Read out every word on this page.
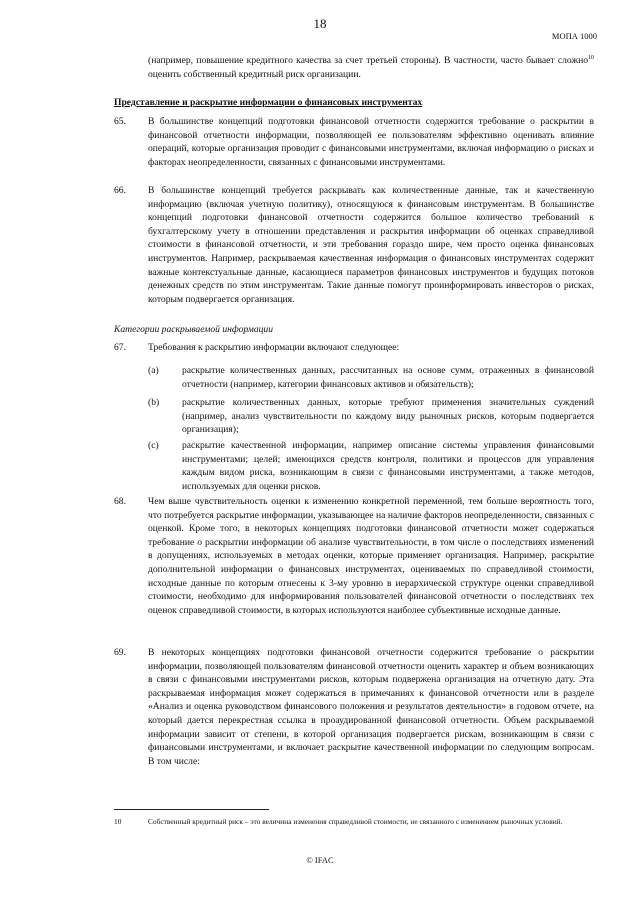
18
МОПА 1000
(например, повышение кредитного качества за счет третьей стороны). В частности, часто бывает сложно$^{10}$ оценить собственный кредитный риск организации.
Представление и раскрытие информации о финансовых инструментах
65.	В большинстве концепций подготовки финансовой отчетности содержится требование о раскрытии в финансовой отчетности информации, позволяющей ее пользователям эффективно оценивать влияние операций, которые организация проводит с финансовыми инструментами, включая информацию о рисках и факторах неопределенности, связанных с финансовыми инструментами.
66.	В большинстве концепций требуется раскрывать как количественные данные, так и качественную информацию (включая учетную политику), относящуюся к финансовым инструментам. В большинстве концепций подготовки финансовой отчетности содержится большое количество требований к бухгалтерскому учету в отношении представления и раскрытия информации об оценках справедливой стоимости в финансовой отчетности, и эти требования гораздо шире, чем просто оценка финансовых инструментов. Например, раскрываемая качественная информация о финансовых инструментах содержит важные контекстуальные данные, касающиеся параметров финансовых инструментов и будущих потоков денежных средств по этим инструментам. Такие данные помогут проинформировать инвесторов о рисках, которым подвергается организация.
Категории раскрываемой информации
67.	Требования к раскрытию информации включают следующее:
(a)	раскрытие количественных данных, рассчитанных на основе сумм, отраженных в финансовой отчетности (например, категории финансовых активов и обязательств);
(b)	раскрытие количественных данных, которые требуют применения значительных суждений (например, анализ чувствительности по каждому виду рыночных рисков, которым подвергается организация);
(c)	раскрытие качественной информации, например описание системы управления финансовыми инструментами; целей; имеющихся средств контроля, политики и процессов для управления каждым видом риска, возникающим в связи с финансовыми инструментами, а также методов, используемых для оценки рисков.
68.	Чем выше чувствительность оценки к изменению конкретной переменной, тем больше вероятность того, что потребуется раскрытие информации, указывающее на наличие факторов неопределенности, связанных с оценкой. Кроме того, в некоторых концепциях подготовки финансовой отчетности может содержаться требование о раскрытии информации об анализе чувствительности, в том числе о последствиях изменений в допущениях, используемых в методах оценки, которые применяет организация. Например, раскрытие дополнительной информации о финансовых инструментах, оцениваемых по справедливой стоимости, исходные данные по которым отнесены к 3-му уровню в иерархической структуре оценки справедливой стоимости, необходимо для информирования пользователей финансовой отчетности о последствиях тех оценок справедливой стоимости, в которых используются наиболее субъективные исходные данные.
69.	В некоторых концепциях подготовки финансовой отчетности содержится требование о раскрытии информации, позволяющей пользователям финансовой отчетности оценить характер и объем возникающих в связи с финансовыми инструментами рисков, которым подвержена организация на отчетную дату. Эта раскрываемая информация может содержаться в примечаниях к финансовой отчетности или в разделе «Анализ и оценка руководством финансового положения и результатов деятельности» в годовом отчете, на который дается перекрестная ссылка в проаудированной финансовой отчетности. Объем раскрываемой информации зависит от степени, в которой организация подвергается рискам, возникающим в связи с финансовыми инструментами, и включает раскрытие качественной информации по следующим вопросам. В том числе:
10	Собственный кредитный риск – это величина изменения справедливой стоимости, не связанного с изменением рыночных условий.
© IFAC
